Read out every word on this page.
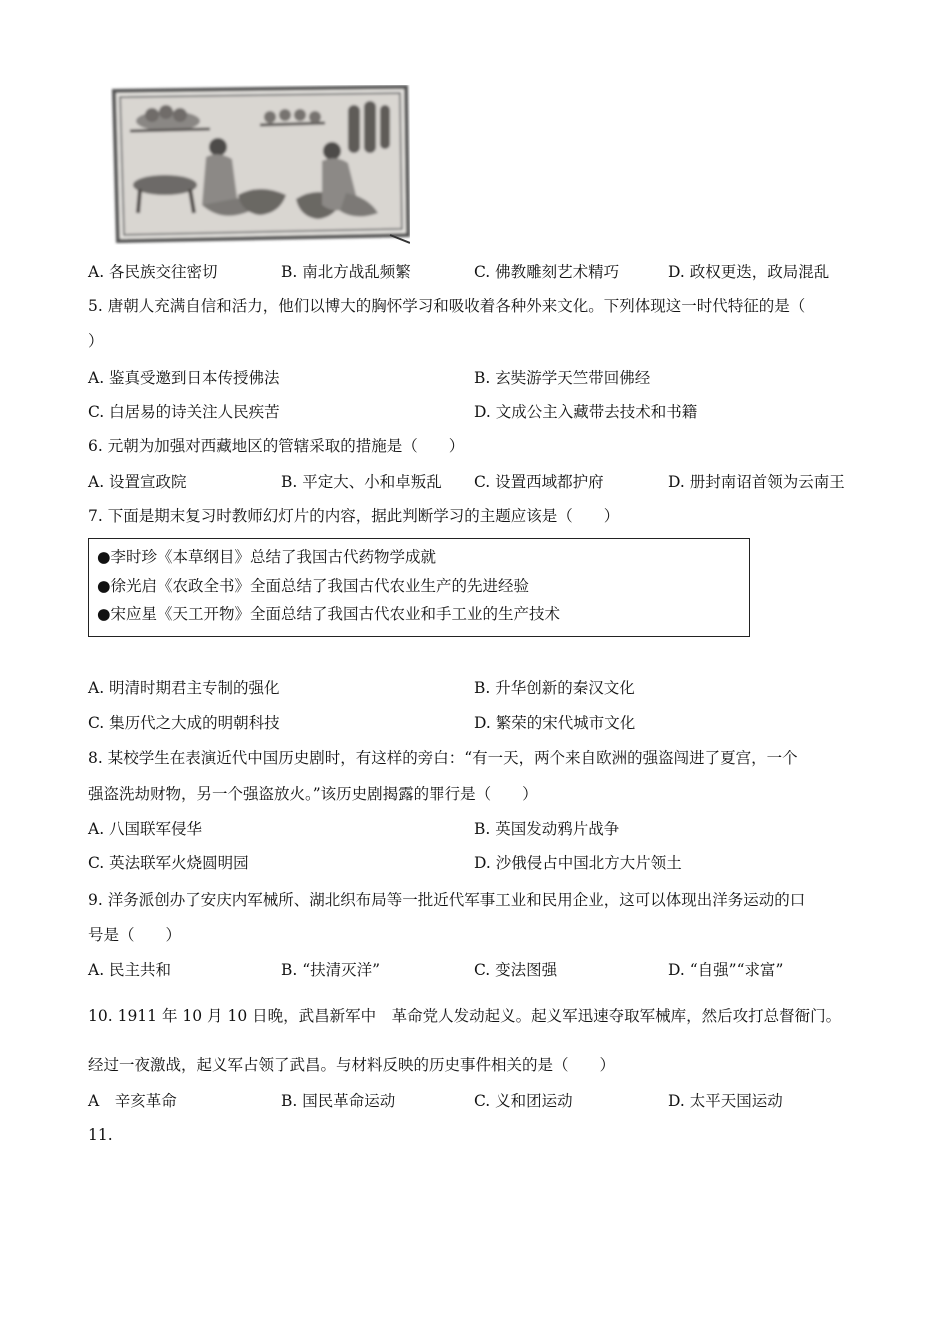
A. 各民族交往密切	B. 南北方战乱频繁	C. 佛教雕刻艺术精巧	D. 政权更迭，政局混乱
5. 唐朝人充满自信和活力，他们以博大的胸怀学习和吸收着各种外来文化。下列体现这一时代特征的是（
）
A. 鉴真受邀到日本传授佛法	B. 玄奘游学天竺带回佛经
C. 白居易的诗关注人民疾苦	D. 文成公主入藏带去技术和书籍
6. 元朝为加强对西藏地区的管辖采取的措施是（　　）
A. 设置宣政院	B. 平定大、小和卓叛乱 C. 设置西域都护府	D. 册封南诏首领为云南王
7. 下面是期末复习时教师幻灯片的内容，据此判断学习的主题应该是（　　）
●李时珍《本草纲目》总结了我国古代药物学成就
●徐光启《农政全书》全面总结了我国古代农业生产的先进经验
●宋应星《天工开物》全面总结了我国古代农业和手工业的生产技术
A. 明清时期君主专制的强化	B. 升华创新的秦汉文化
C. 集历代之大成的明朝科技	D. 繁荣的宋代城市文化
8. 某校学生在表演近代中国历史剧时，有这样的旁白：“有一天，两个来自欧洲的强盗闯进了夏宫，一个
强盗洗劫财物，另一个强盗放火。”该历史剧揭露的罪行是（　　）
A. 八国联军侵华	B. 英国发动鸦片战争
C. 英法联军火烧圆明园	D. 沙俄侵占中国北方大片领土
9. 洋务派创办了安庆内军械所、湖北织布局等一批近代军事工业和民用企业，这可以体现出洋务运动的口
号是（　　）
A. 民主共和	B. “扶清灭洋”	C. 变法图强	D. “自强”“求富”
10. 1911 年 10 月 10 日晚，武昌新军中　革命党人发动起义。起义军迅速夺取军械库，然后攻打总督衙门。
经过一夜激战，起义军占领了武昌。与材料反映的历史事件相关的是（　　）
A　辛亥革命	B. 国民革命运动	C. 义和团运动	D. 太平天国运动
11.
